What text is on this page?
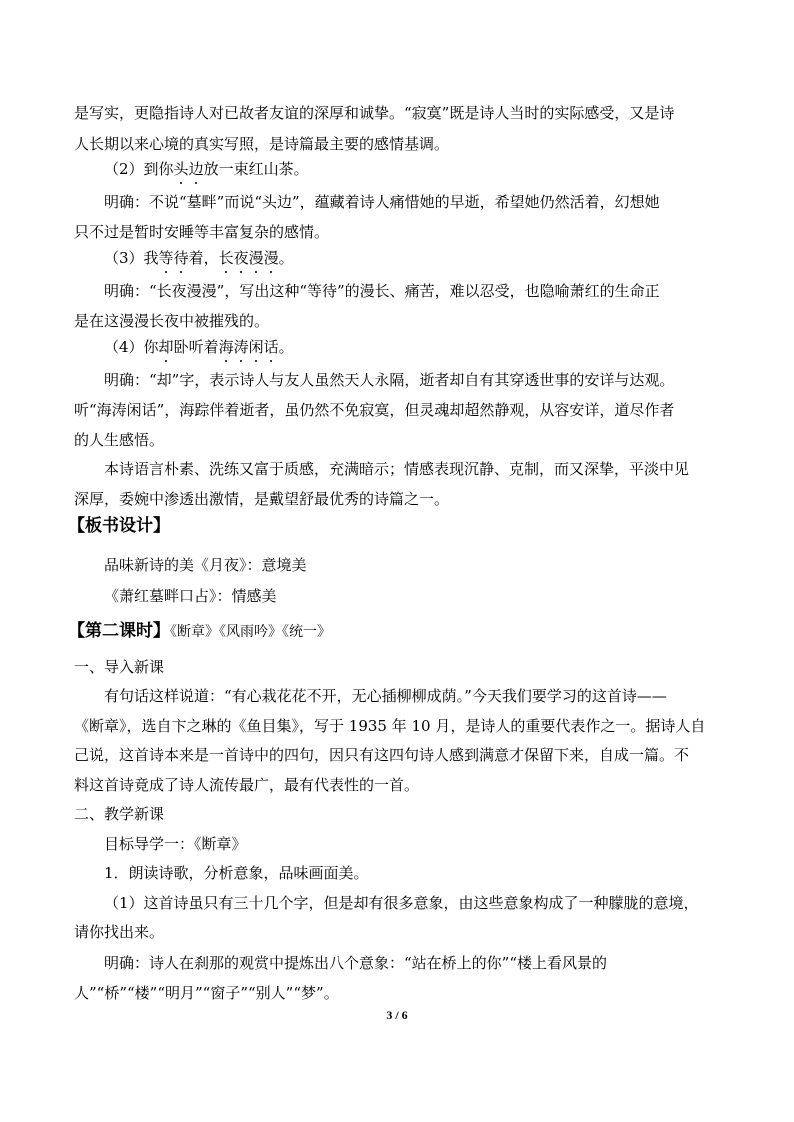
是写实，更隐指诗人对已故者友谊的深厚和诚挚。“寂寞”既是诗人当时的实际感受，又是诗
人长期以来心境的真实写照，是诗篇最主要的感情基调。
（2）到你头边放一束红山茶。
明确：不说“墓畔”而说“头边”，蕴藏着诗人痛惜她的早逝，希望她仍然活着，幻想她
只不过是暂时安睡等丰富复杂的感情。
（3）我等待着，长夜漫漫。
明确：“长夜漫漫”，写出这种“等待”的漫长、痛苦，难以忍受，也隐喻萧红的生命正
是在这漫漫长夜中被摧残的。
（4）你却卧听着海涛闲话。
明确：“却”字，表示诗人与友人虽然天人永隔，逝者却自有其穿透世事的安详与达观。
听“海涛闲话”，海踪伴着逝者，虽仍然不免寂寞，但灵魂却超然静观，从容安详，道尽作者
的人生感悟。
本诗语言朴素、洗练又富于质感，充满暗示；情感表现沉静、克制，而又深挚，平淡中见
深厚，委婉中渗透出激情，是戴望舒最优秀的诗篇之一。
【板书设计】
品味新诗的美《月夜》：意境美
《萧红墓畔口占》：情感美
【第二课时】《断章》《风雨吟》《统一》
一、导入新课
有句话这样说道：“有心栽花花不开，无心插柳柳成荫。”今天我们要学习的这首诗——
《断章》，选自卞之琳的《鱼目集》，写于 1935 年 10 月，是诗人的重要代表作之一。据诗人自
己说，这首诗本来是一首诗中的四句，因只有这四句诗人感到满意才保留下来，自成一篇。不
料这首诗竟成了诗人流传最广，最有代表性的一首。
二、教学新课
目标导学一：《断章》
1．朗读诗歌，分析意象，品味画面美。
（1）这首诗虽只有三十几个字，但是却有很多意象，由这些意象构成了一种朦胧的意境，
请你找出来。
明确：诗人在刹那的观赏中提炼出八个意象：“站在桥上的你”“楼上看风景的
人”“桥”“楼”“明月”“窗子”“别人”“梦”。
3 / 6
